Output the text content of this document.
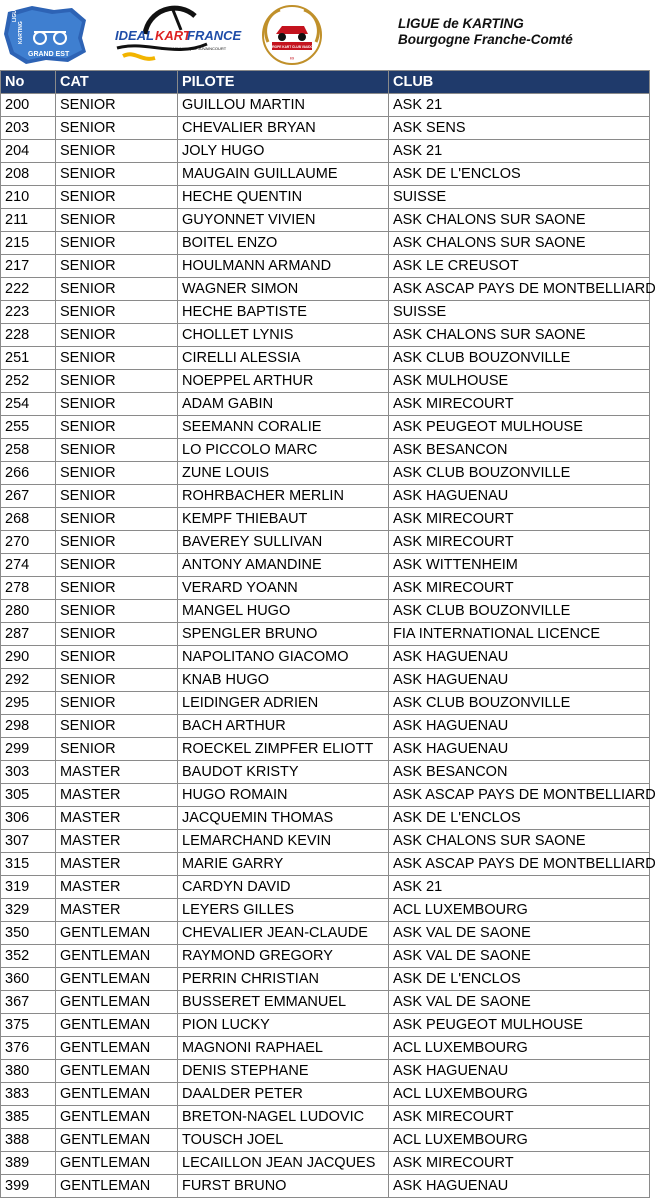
LIGUE
KARTING
GRAND EST
IDEAL KART
FRANCE
POLE MECANIQUE JUVAINCOURT	EUROPE KART CLUB VAUDOIS
∞
LIGUE de KARTING
Bourgogne Franche-Comté
No	CAT	PILOTE	CLUB
200	SENIOR	GUILLOU MARTIN	ASK 21
203	SENIOR	CHEVALIER BRYAN	ASK SENS
204	SENIOR	JOLY HUGO	ASK 21
208	SENIOR	MAUGAIN GUILLAUME	ASK DE L'ENCLOS
210	SENIOR	HECHE QUENTIN	SUISSE
211	SENIOR	GUYONNET VIVIEN	ASK CHALONS SUR SAONE
215	SENIOR	BOITEL ENZO	ASK CHALONS SUR SAONE
217	SENIOR	HOULMANN ARMAND	ASK LE CREUSOT
222	SENIOR	WAGNER SIMON	ASK ASCAP PAYS DE MONTBELLIARD
223	SENIOR	HECHE BAPTISTE	SUISSE
228	SENIOR	CHOLLET LYNIS	ASK CHALONS SUR SAONE
251	SENIOR	CIRELLI ALESSIA	ASK CLUB BOUZONVILLE
252	SENIOR	NOEPPEL ARTHUR	ASK MULHOUSE
254	SENIOR	ADAM GABIN	ASK MIRECOURT
255	SENIOR	SEEMANN CORALIE	ASK PEUGEOT MULHOUSE
258	SENIOR	LO PICCOLO MARC	ASK BESANCON
266	SENIOR	ZUNE LOUIS	ASK CLUB BOUZONVILLE
267	SENIOR	ROHRBACHER MERLIN	ASK HAGUENAU
268	SENIOR	KEMPF THIEBAUT	ASK MIRECOURT
270	SENIOR	BAVEREY SULLIVAN	ASK MIRECOURT
274	SENIOR	ANTONY AMANDINE	ASK WITTENHEIM
278	SENIOR	VERARD YOANN	ASK MIRECOURT
280	SENIOR	MANGEL HUGO	ASK CLUB BOUZONVILLE
287	SENIOR	SPENGLER BRUNO	FIA INTERNATIONAL LICENCE
290	SENIOR	NAPOLITANO GIACOMO	ASK HAGUENAU
292	SENIOR	KNAB HUGO	ASK HAGUENAU
295	SENIOR	LEIDINGER ADRIEN	ASK CLUB BOUZONVILLE
298	SENIOR	BACH ARTHUR	ASK HAGUENAU
299	SENIOR	ROECKEL ZIMPFER ELIOTT	ASK HAGUENAU
303	MASTER	BAUDOT KRISTY	ASK BESANCON
305	MASTER	HUGO ROMAIN	ASK ASCAP PAYS DE MONTBELLIARD
306	MASTER	JACQUEMIN THOMAS	ASK DE L'ENCLOS
307	MASTER	LEMARCHAND KEVIN	ASK CHALONS SUR SAONE
315	MASTER	MARIE GARRY	ASK ASCAP PAYS DE MONTBELLIARD
319	MASTER	CARDYN DAVID	ASK 21
329	MASTER	LEYERS GILLES	ACL LUXEMBOURG
350	GENTLEMAN	CHEVALIER JEAN-CLAUDE	ASK VAL DE SAONE
352	GENTLEMAN	RAYMOND GREGORY	ASK VAL DE SAONE
360	GENTLEMAN	PERRIN CHRISTIAN	ASK DE L'ENCLOS
367	GENTLEMAN	BUSSERET EMMANUEL	ASK VAL DE SAONE
375	GENTLEMAN	PION LUCKY	ASK PEUGEOT MULHOUSE
376	GENTLEMAN	MAGNONI RAPHAEL	ACL LUXEMBOURG
380	GENTLEMAN	DENIS STEPHANE	ASK HAGUENAU
383	GENTLEMAN	DAALDER PETER	ACL LUXEMBOURG
385	GENTLEMAN	BRETON-NAGEL LUDOVIC	ASK MIRECOURT
388	GENTLEMAN	TOUSCH JOEL	ACL LUXEMBOURG
389	GENTLEMAN	LECAILLON JEAN JACQUES	ASK MIRECOURT
399	GENTLEMAN	FURST BRUNO	ASK HAGUENAU
